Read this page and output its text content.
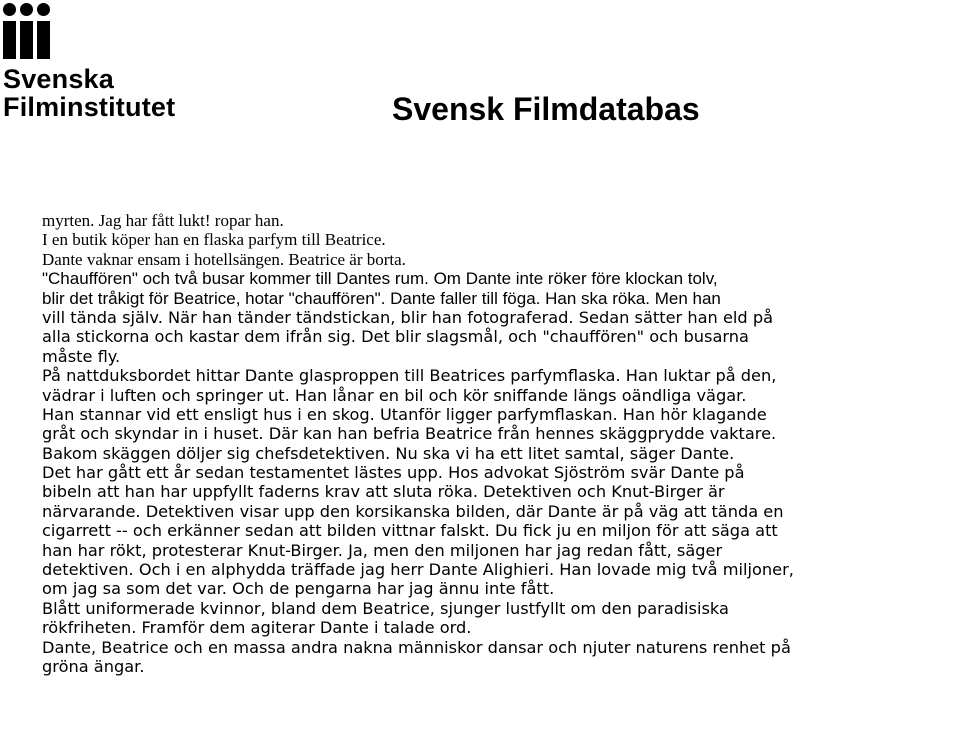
Svenska
Filminstitutet	Svensk Filmdatabas
myrten. Jag har fått lukt! ropar han.
I en butik köper han en flaska parfym till Beatrice.
Dante vaknar ensam i hotellsängen. Beatrice är borta.
"Chauffören" och två busar kommer till Dantes rum. Om Dante inte röker före klockan tolv,
blir det tråkigt för Beatrice, hotar "chauffören". Dante faller till föga. Han ska röka. Men han
vill tända själv. När han tänder tändstickan, blir han fotograferad. Sedan sätter han eld på
alla stickorna och kastar dem ifrån sig. Det blir slagsmål, och "chauffören" och busarna
måste fly.
På nattduksbordet hittar Dante glasproppen till Beatrices parfymflaska. Han luktar på den,
vädrar i luften och springer ut. Han lånar en bil och kör sniffande längs oändliga vägar.
Han stannar vid ett ensligt hus i en skog. Utanför ligger parfymflaskan. Han hör klagande
gråt och skyndar in i huset. Där kan han befria Beatrice från hennes skäggprydde vaktare.
Bakom skäggen döljer sig chefsdetektiven. Nu ska vi ha ett litet samtal, säger Dante.
Det har gått ett år sedan testamentet lästes upp. Hos advokat Sjöström svär Dante på
bibeln att han har uppfyllt faderns krav att sluta röka. Detektiven och Knut-Birger är
närvarande. Detektiven visar upp den korsikanska bilden, där Dante är på väg att tända en
cigarrett -- och erkänner sedan att bilden vittnar falskt. Du fick ju en miljon för att säga att
han har rökt, protesterar Knut-Birger. Ja, men den miljonen har jag redan fått, säger
detektiven. Och i en alphydda träffade jag herr Dante Alighieri. Han lovade mig två miljoner,
om jag sa som det var. Och de pengarna har jag ännu inte fått.
Blått uniformerade kvinnor, bland dem Beatrice, sjunger lustfyllt om den paradisiska
rökfriheten. Framför dem agiterar Dante i talade ord.
Dante, Beatrice och en massa andra nakna människor dansar och njuter naturens renhet på
gröna ängar.
